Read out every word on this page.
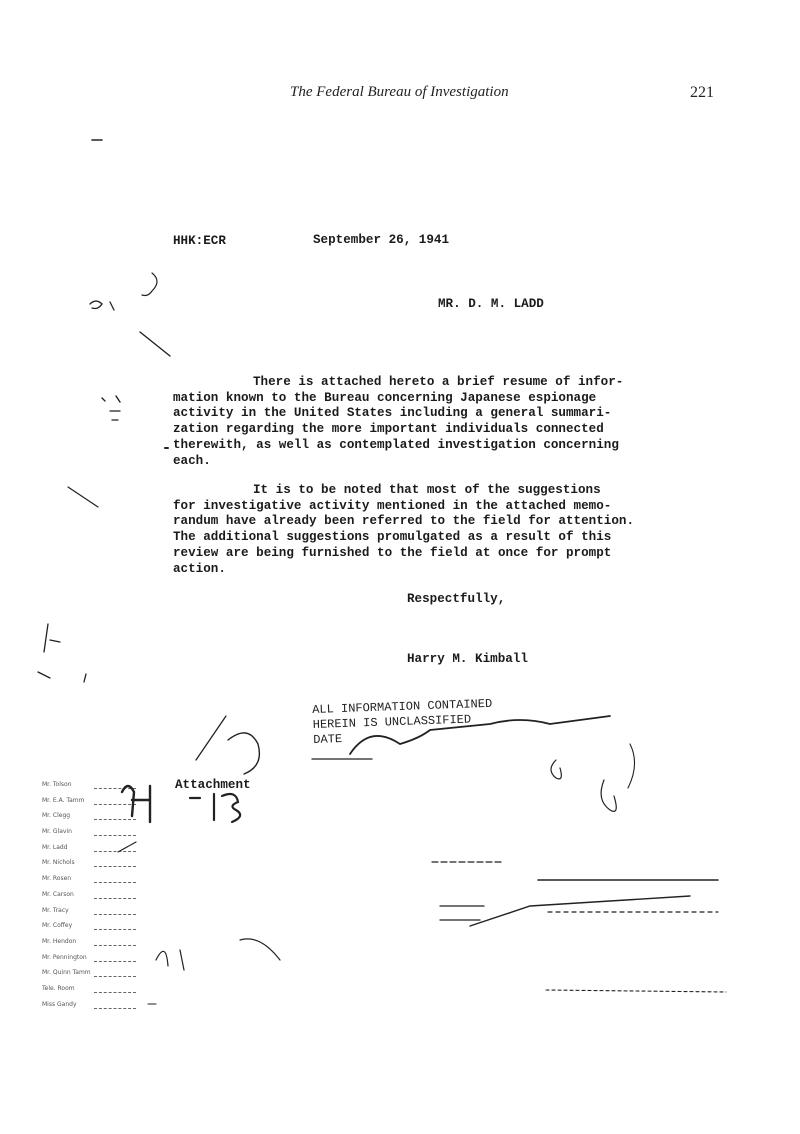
The Federal Bureau of Investigation	221
HHK:ECR	September 26, 1941
MR. D. M. LADD
There is attached hereto a brief resume of infor-
mation known to the Bureau concerning Japanese espionage
activity in the United States including a general summari-
zation regarding the more important individuals connected
therewith, as well as contemplated investigation concerning
each.
It is to be noted that most of the suggestions
for investigative activity mentioned in the attached memo-
randum have already been referred to the field for attention.
The additional suggestions promulgated as a result of this
review are being furnished to the field at once for prompt
action.
Respectfully,
Harry M. Kimball
Attachment
ALL INFORMATION CONTAINED
HEREIN IS UNCLASSIFIED
DATE
Mr. Tolson
Mr. E.A. Tamm
Mr. Clegg
Mr. Glavin
Mr. Ladd
Mr. Nichols
Mr. Rosen
Mr. Carson
Mr. Tracy
Mr. Coffey
Mr. Hendon
Mr. Pennington
Mr. Quinn Tamm
Tele. Room
Miss Gandy
